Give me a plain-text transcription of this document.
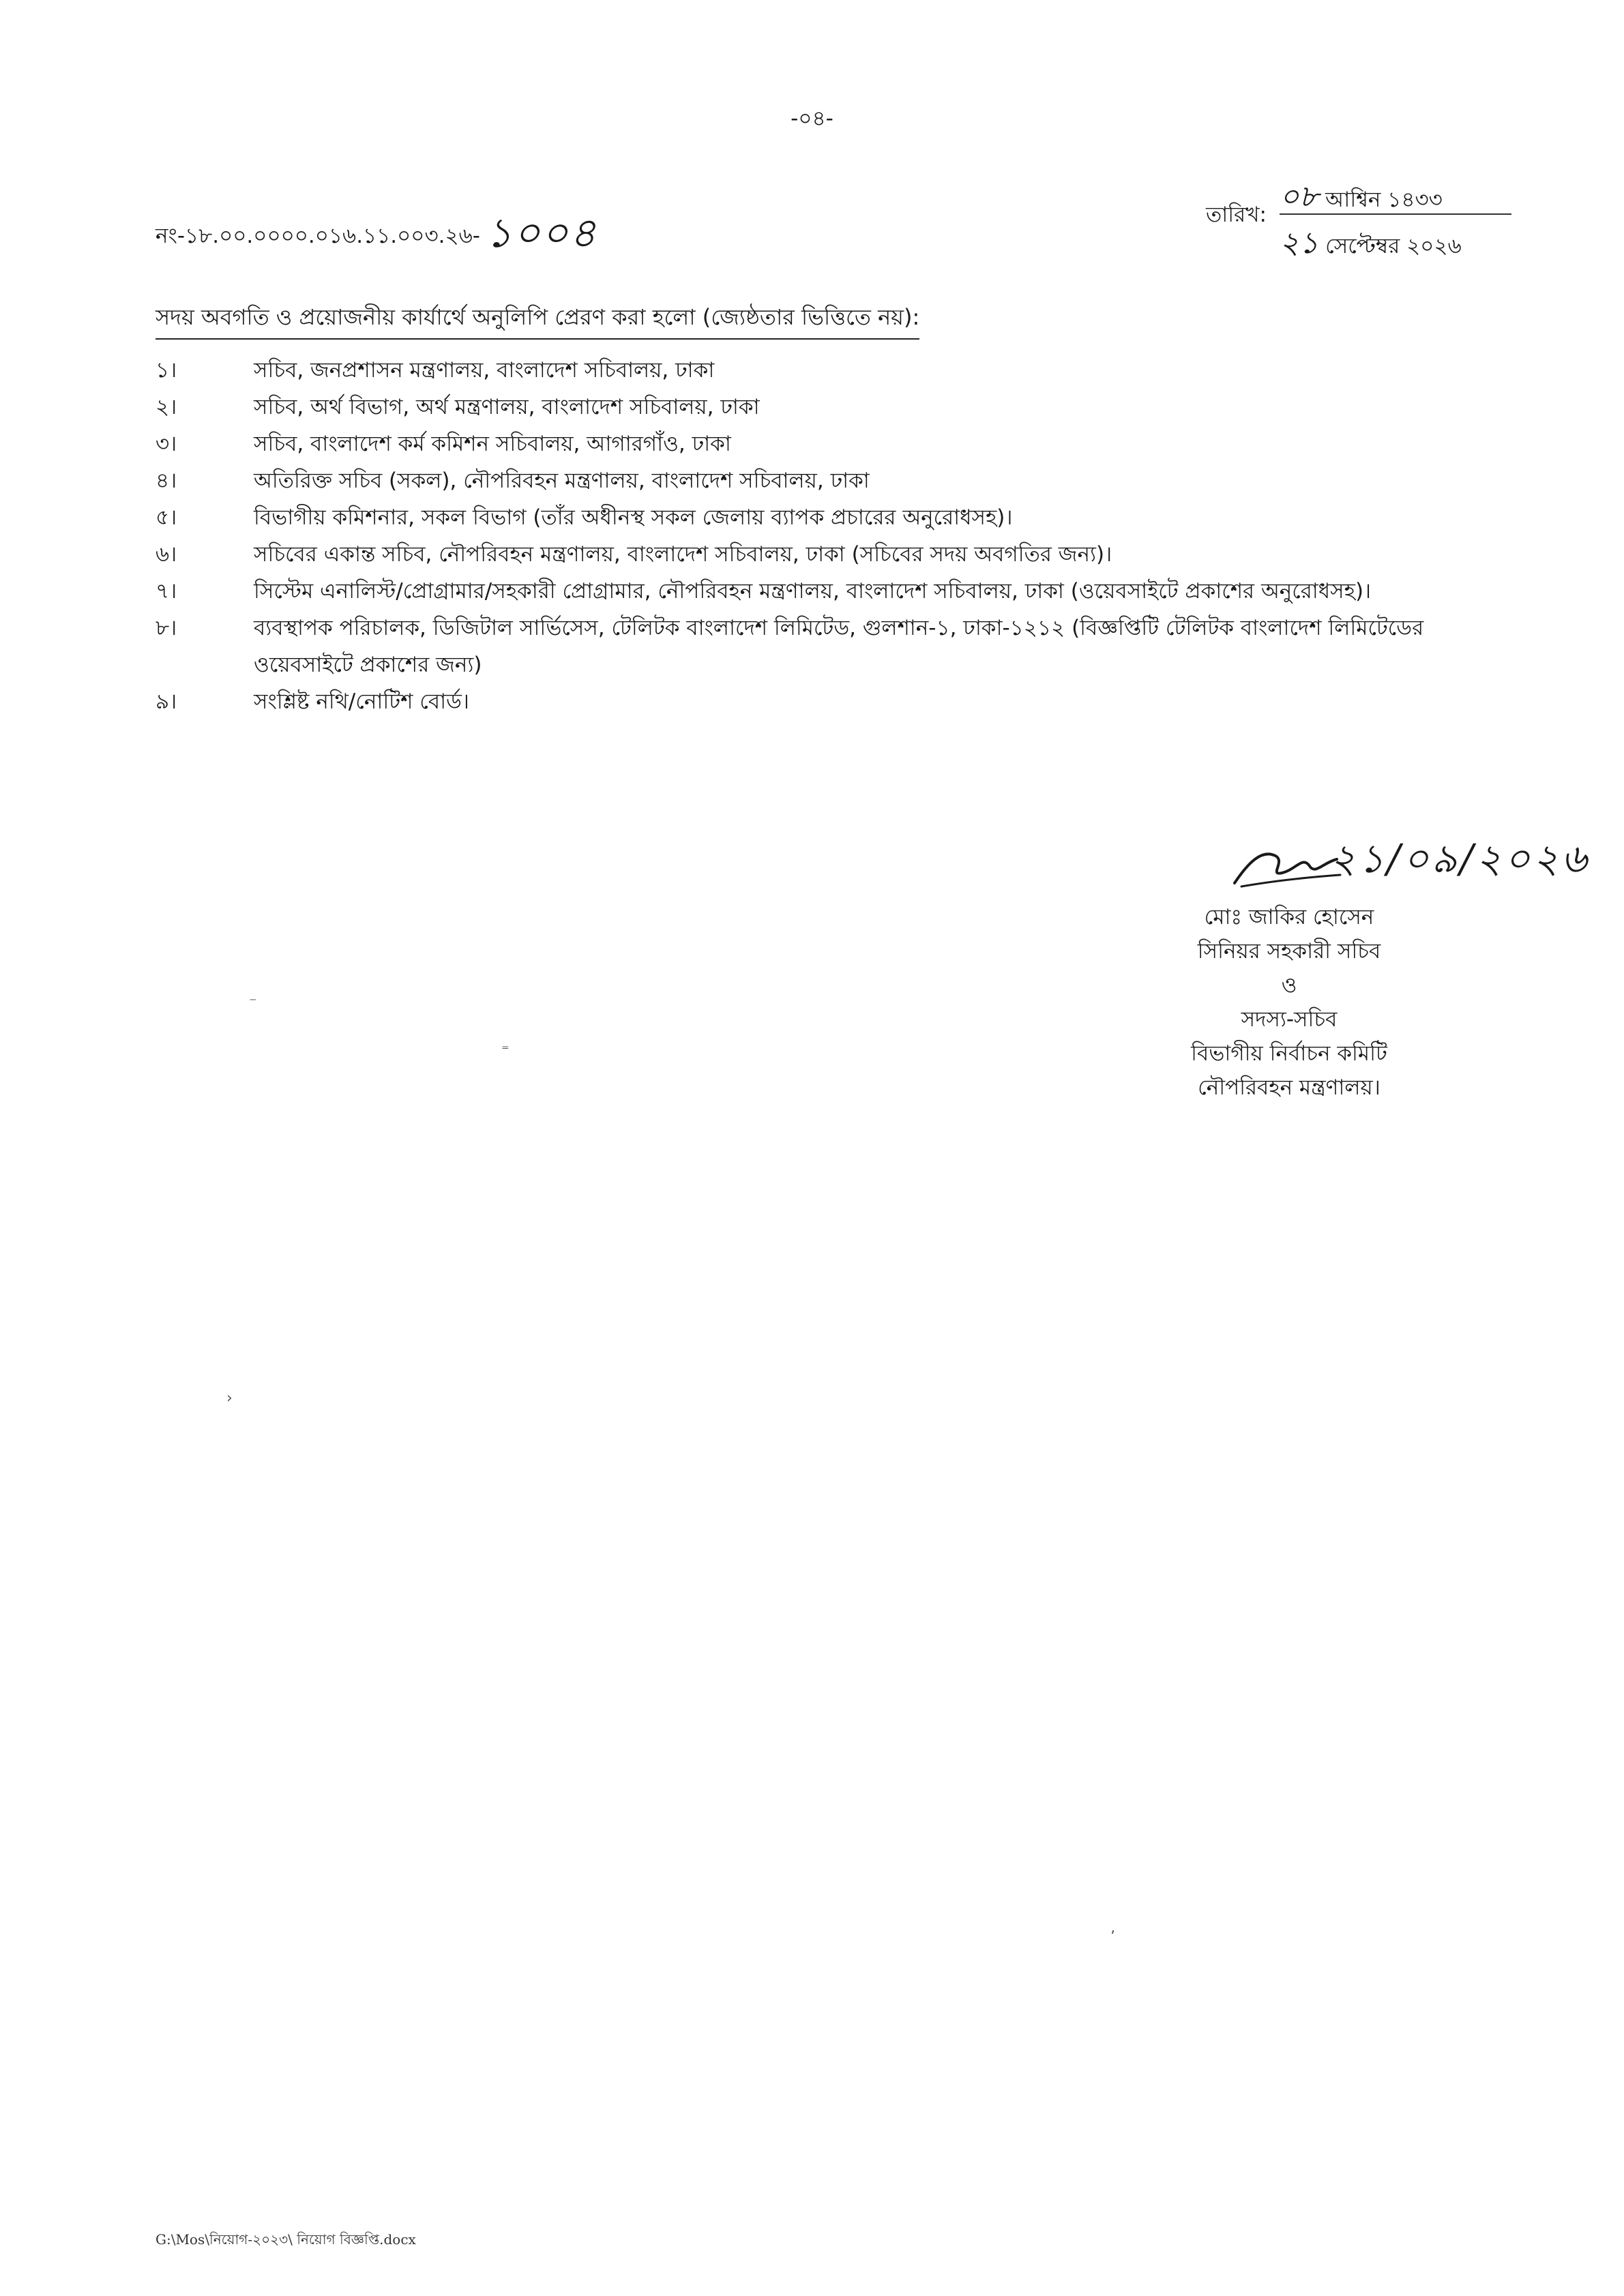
-০৪-
নং-১৮.০০.০০০০.০১৬.১১.০০৩.২৬- ১০০৪	তারিখ:
০৮ আশ্বিন ১৪৩৩
২১ সেপ্টেম্বর ২০২৬
সদয় অবগতি ও প্রয়োজনীয় কার্যার্থে অনুলিপি প্রেরণ করা হলো (জ্যেষ্ঠতার ভিত্তিতে নয়):
১।	সচিব, জনপ্রশাসন মন্ত্রণালয়, বাংলাদেশ সচিবালয়, ঢাকা
২।	সচিব, অর্থ বিভাগ, অর্থ মন্ত্রণালয়, বাংলাদেশ সচিবালয়, ঢাকা
৩।	সচিব, বাংলাদেশ কর্ম কমিশন সচিবালয়, আগারগাঁও, ঢাকা
৪।	অতিরিক্ত সচিব (সকল), নৌপরিবহন মন্ত্রণালয়, বাংলাদেশ সচিবালয়, ঢাকা
৫।	বিভাগীয় কমিশনার, সকল বিভাগ (তাঁর অধীনস্থ সকল জেলায় ব্যাপক প্রচারের অনুরোধসহ)।
৬।	সচিবের একান্ত সচিব, নৌপরিবহন মন্ত্রণালয়, বাংলাদেশ সচিবালয়, ঢাকা (সচিবের সদয় অবগতির জন্য)।
৭।	সিস্টেম এনালিস্ট/প্রোগ্রামার/সহকারী প্রোগ্রামার, নৌপরিবহন মন্ত্রণালয়, বাংলাদেশ সচিবালয়, ঢাকা (ওয়েবসাইটে প্রকাশের অনুরোধসহ)।
৮।	ব্যবস্থাপক পরিচালক, ডিজিটাল সার্ভিসেস, টেলিটক বাংলাদেশ লিমিটেড, গুলশান-১, ঢাকা-১২১২ (বিজ্ঞপ্তিটি টেলিটক বাংলাদেশ লিমিটেডের ওয়েবসাইটে প্রকাশের জন্য)
৯।	সংশ্লিষ্ট নথি/নোটিশ বোর্ড।
২১/০৯/২০২৬
মোঃ জাকির হোসেন
সিনিয়র সহকারী সচিব
ও
সদস্য-সচিব
বিভাগীয় নির্বাচন কমিটি
নৌপরিবহন মন্ত্রণালয়।
⁻
⁼
›
ʼ
G:\Mos\নিয়োগ-২০২৩\ নিয়োগ বিজ্ঞপ্তি.docx
